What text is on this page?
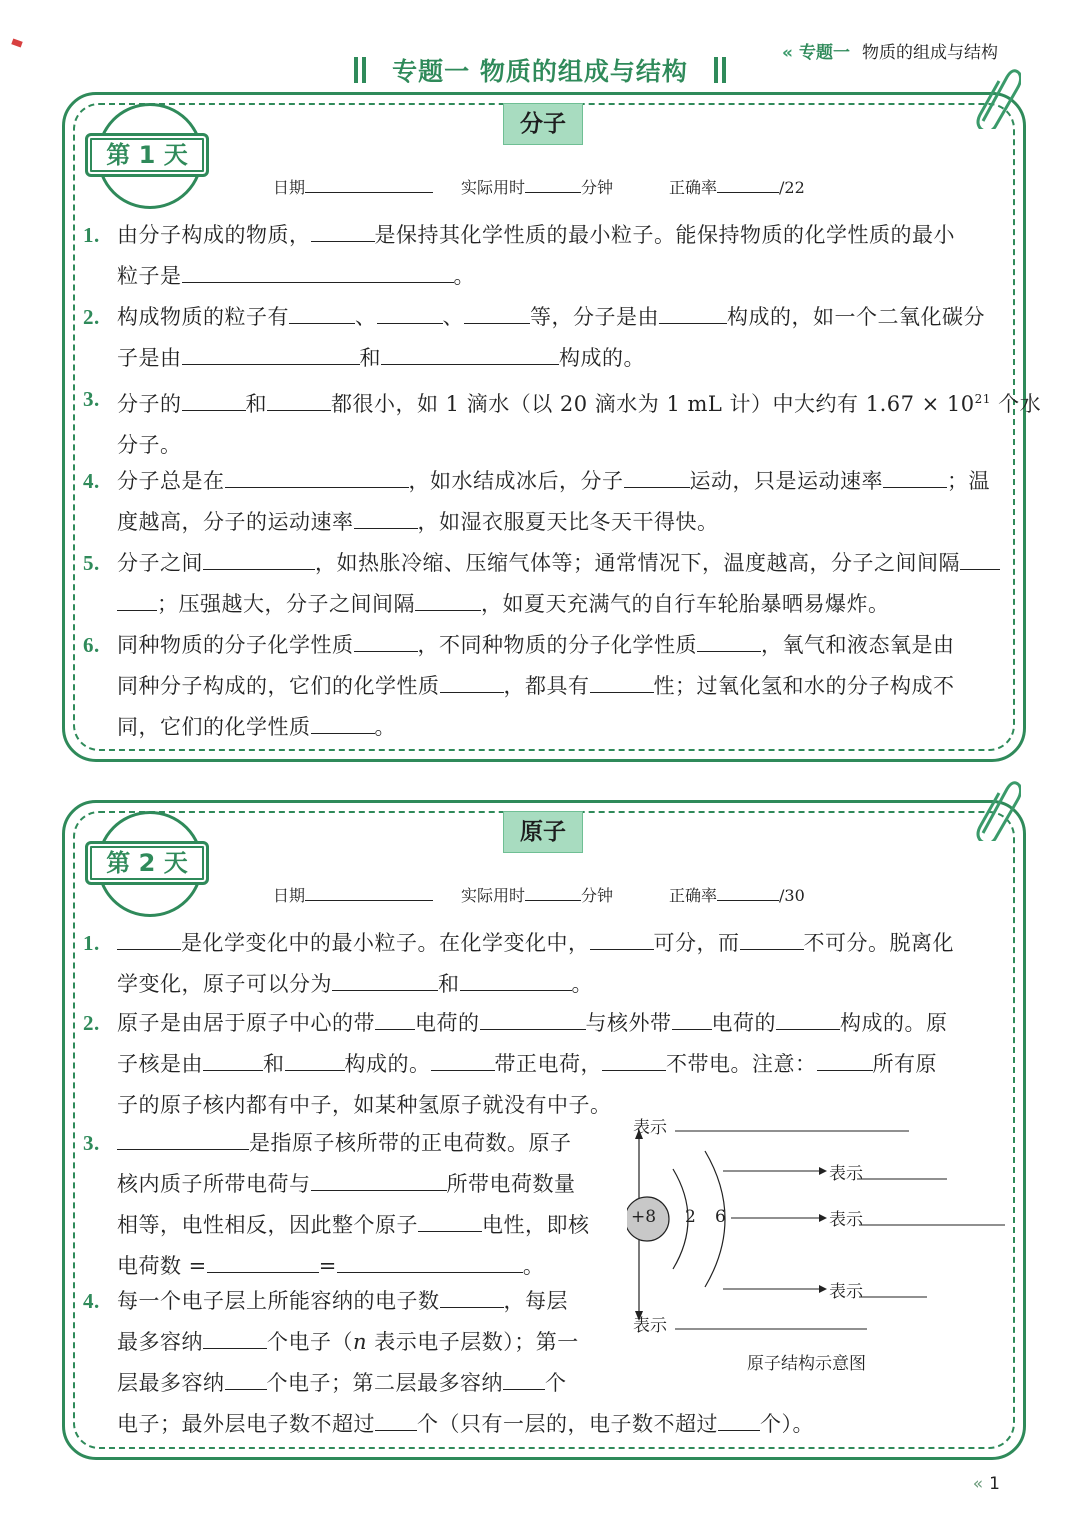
« 专题一 物质的组成与结构
专题一 物质的组成与结构
分子
第 1 天
日期	实际用时	分钟	正确率	/22
1. 由分子构成的物质，	是保持其化学性质的最小粒子。能保持物质的化学性质的最小
粒子是	。
2. 构成物质的粒子有	、	、	等，分子是由	构成的，如一个二氧化碳分
子是由	和	构成的。
3. 分子的	和	都很小，如 1 滴水（以 20 滴水为 1 mL 计）中大约有 $1.67 \times 10^{21}$ 个水
分子。
4. 分子总是在	，如水结成冰后，分子	运动，只是运动速率	；温
度越高，分子的运动速率	，如湿衣服夏天比冬天干得快。
5. 分子之间	，如热胀冷缩、压缩气体等；通常情况下，温度越高，分子之间间隔
；压强越大，分子之间间隔	，如夏天充满气的自行车轮胎暴晒易爆炸。
6. 同种物质的分子化学性质	，不同种物质的分子化学性质	，氧气和液态氧是由
同种分子构成的，它们的化学性质	，都具有	性；过氧化氢和水的分子构成不
同，它们的化学性质	。
原子
第 2 天
日期	实际用时	分钟	正确率	/30
1.	是化学变化中的最小粒子。在化学变化中，	可分，而	不可分。脱离化
学变化，原子可以分为	和	。
2. 原子是由居于原子中心的带 电荷的	与核外带 电荷的	构成的。原
子核是由	和	构成的。	带正电荷，	不带电。注意：	所有原
子的原子核内都有中子，如某种氢原子就没有中子。
3.	是指原子核所带的正电荷数。原子
核内质子所带电荷与	所带电荷数量
相等，电性相反，因此整个原子	电性，即核
电荷数 =	=	。
4. 每一个电子层上所能容纳的电子数	，每层
最多容纳	个电子（n 表示电子层数）；第一
层最多容纳 个电子；第二层最多容纳 个
电子；最外层电子数不超过 个（只有一层的，电子数不超过 个）。
+8 2 6
表示
表示
表示
表示
表示
原子结构示意图
« 1
